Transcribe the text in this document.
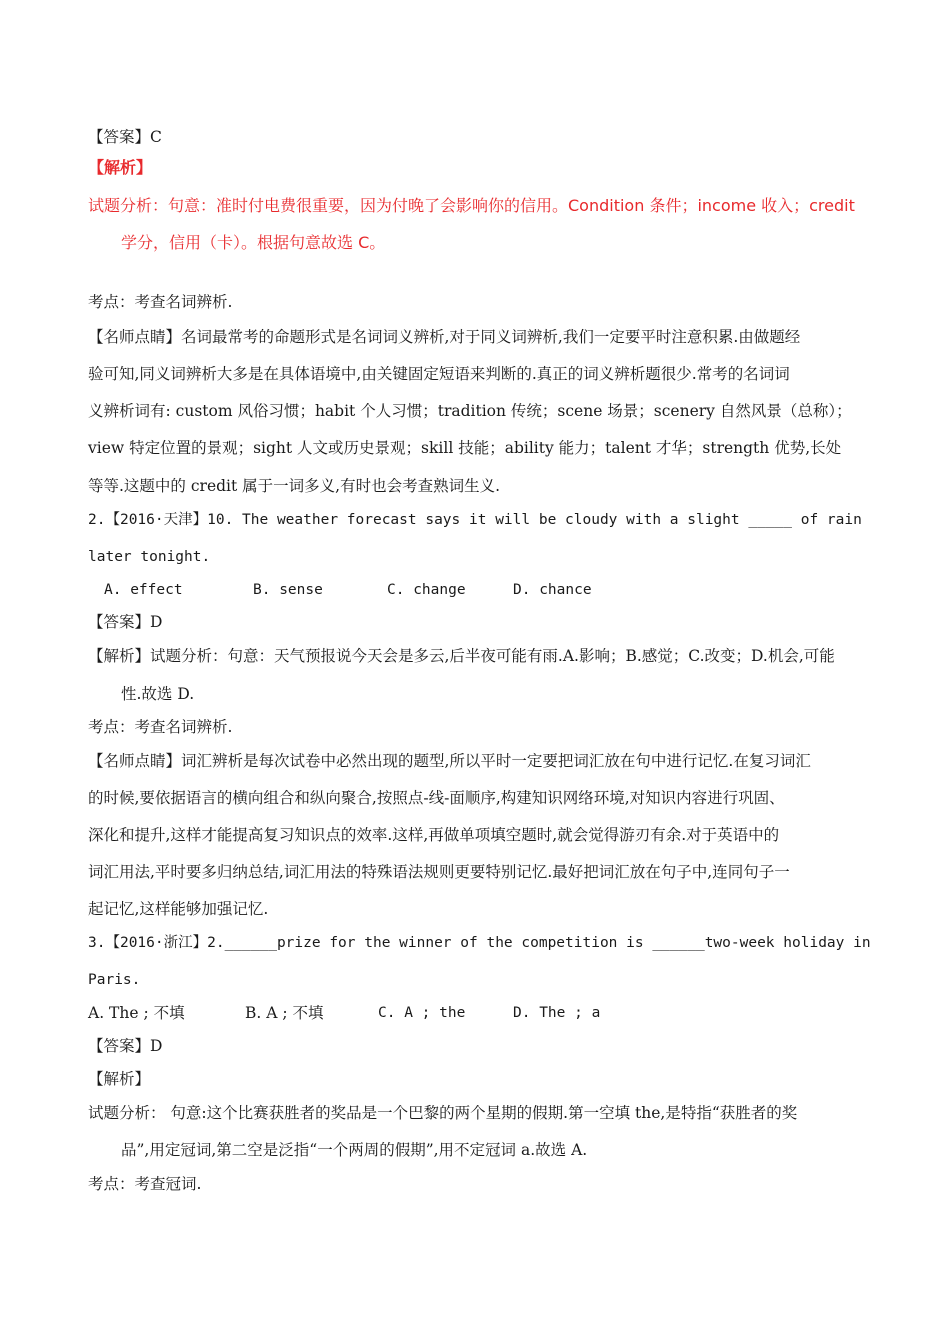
【答案】C
【解析】
试题分析：句意：准时付电费很重要，因为付晚了会影响你的信用。Condition 条件；income 收入；credit
学分，信用（卡）。根据句意故选 C。
考点：考查名词辨析.
【名师点睛】名词最常考的命题形式是名词词义辨析,对于同义词辨析,我们一定要平时注意积累.由做题经
验可知,同义词辨析大多是在具体语境中,由关键固定短语来判断的.真正的词义辨析题很少.常考的名词词
义辨析词有: custom 风俗习惯；habit 个人习惯；tradition 传统；scene 场景；scenery 自然风景（总称）；
view 特定位置的景观；sight 人文或历史景观；skill 技能；ability 能力；talent 才华；strength 优势,长处
等等.这题中的 credit 属于一词多义,有时也会考查熟词生义.
2.【2016·天津】10. The weather forecast says it will be cloudy with a slight _____ of rain
later tonight.
A. effect	B. sense	C. change	D. chance
【答案】D
【解析】试题分析：句意：天气预报说今天会是多云,后半夜可能有雨.A.影响；B.感觉；C.改变；D.机会,可能
性.故选 D.
考点：考查名词辨析.
【名师点睛】词汇辨析是每次试卷中必然出现的题型,所以平时一定要把词汇放在句中进行记忆.在复习词汇
的时候,要依据语言的横向组合和纵向聚合,按照点-线-面顺序,构建知识网络环境,对知识内容进行巩固、
深化和提升,这样才能提高复习知识点的效率.这样,再做单项填空题时,就会觉得游刃有余.对于英语中的
词汇用法,平时要多归纳总结,词汇用法的特殊语法规则更要特别记忆.最好把词汇放在句子中,连同句子一
起记忆,这样能够加强记忆.
3.【2016·浙江】2.______prize for the winner of the competition is ______two-week holiday in
Paris.
A. The ; 不填	B. A ; 不填	C. A ; the	D. The ; a
【答案】D
【解析】
试题分析： 句意:这个比赛获胜者的奖品是一个巴黎的两个星期的假期.第一空填 the,是特指“获胜者的奖
品”,用定冠词,第二空是泛指“一个两周的假期”,用不定冠词 a.故选 A.
考点：考查冠词.
